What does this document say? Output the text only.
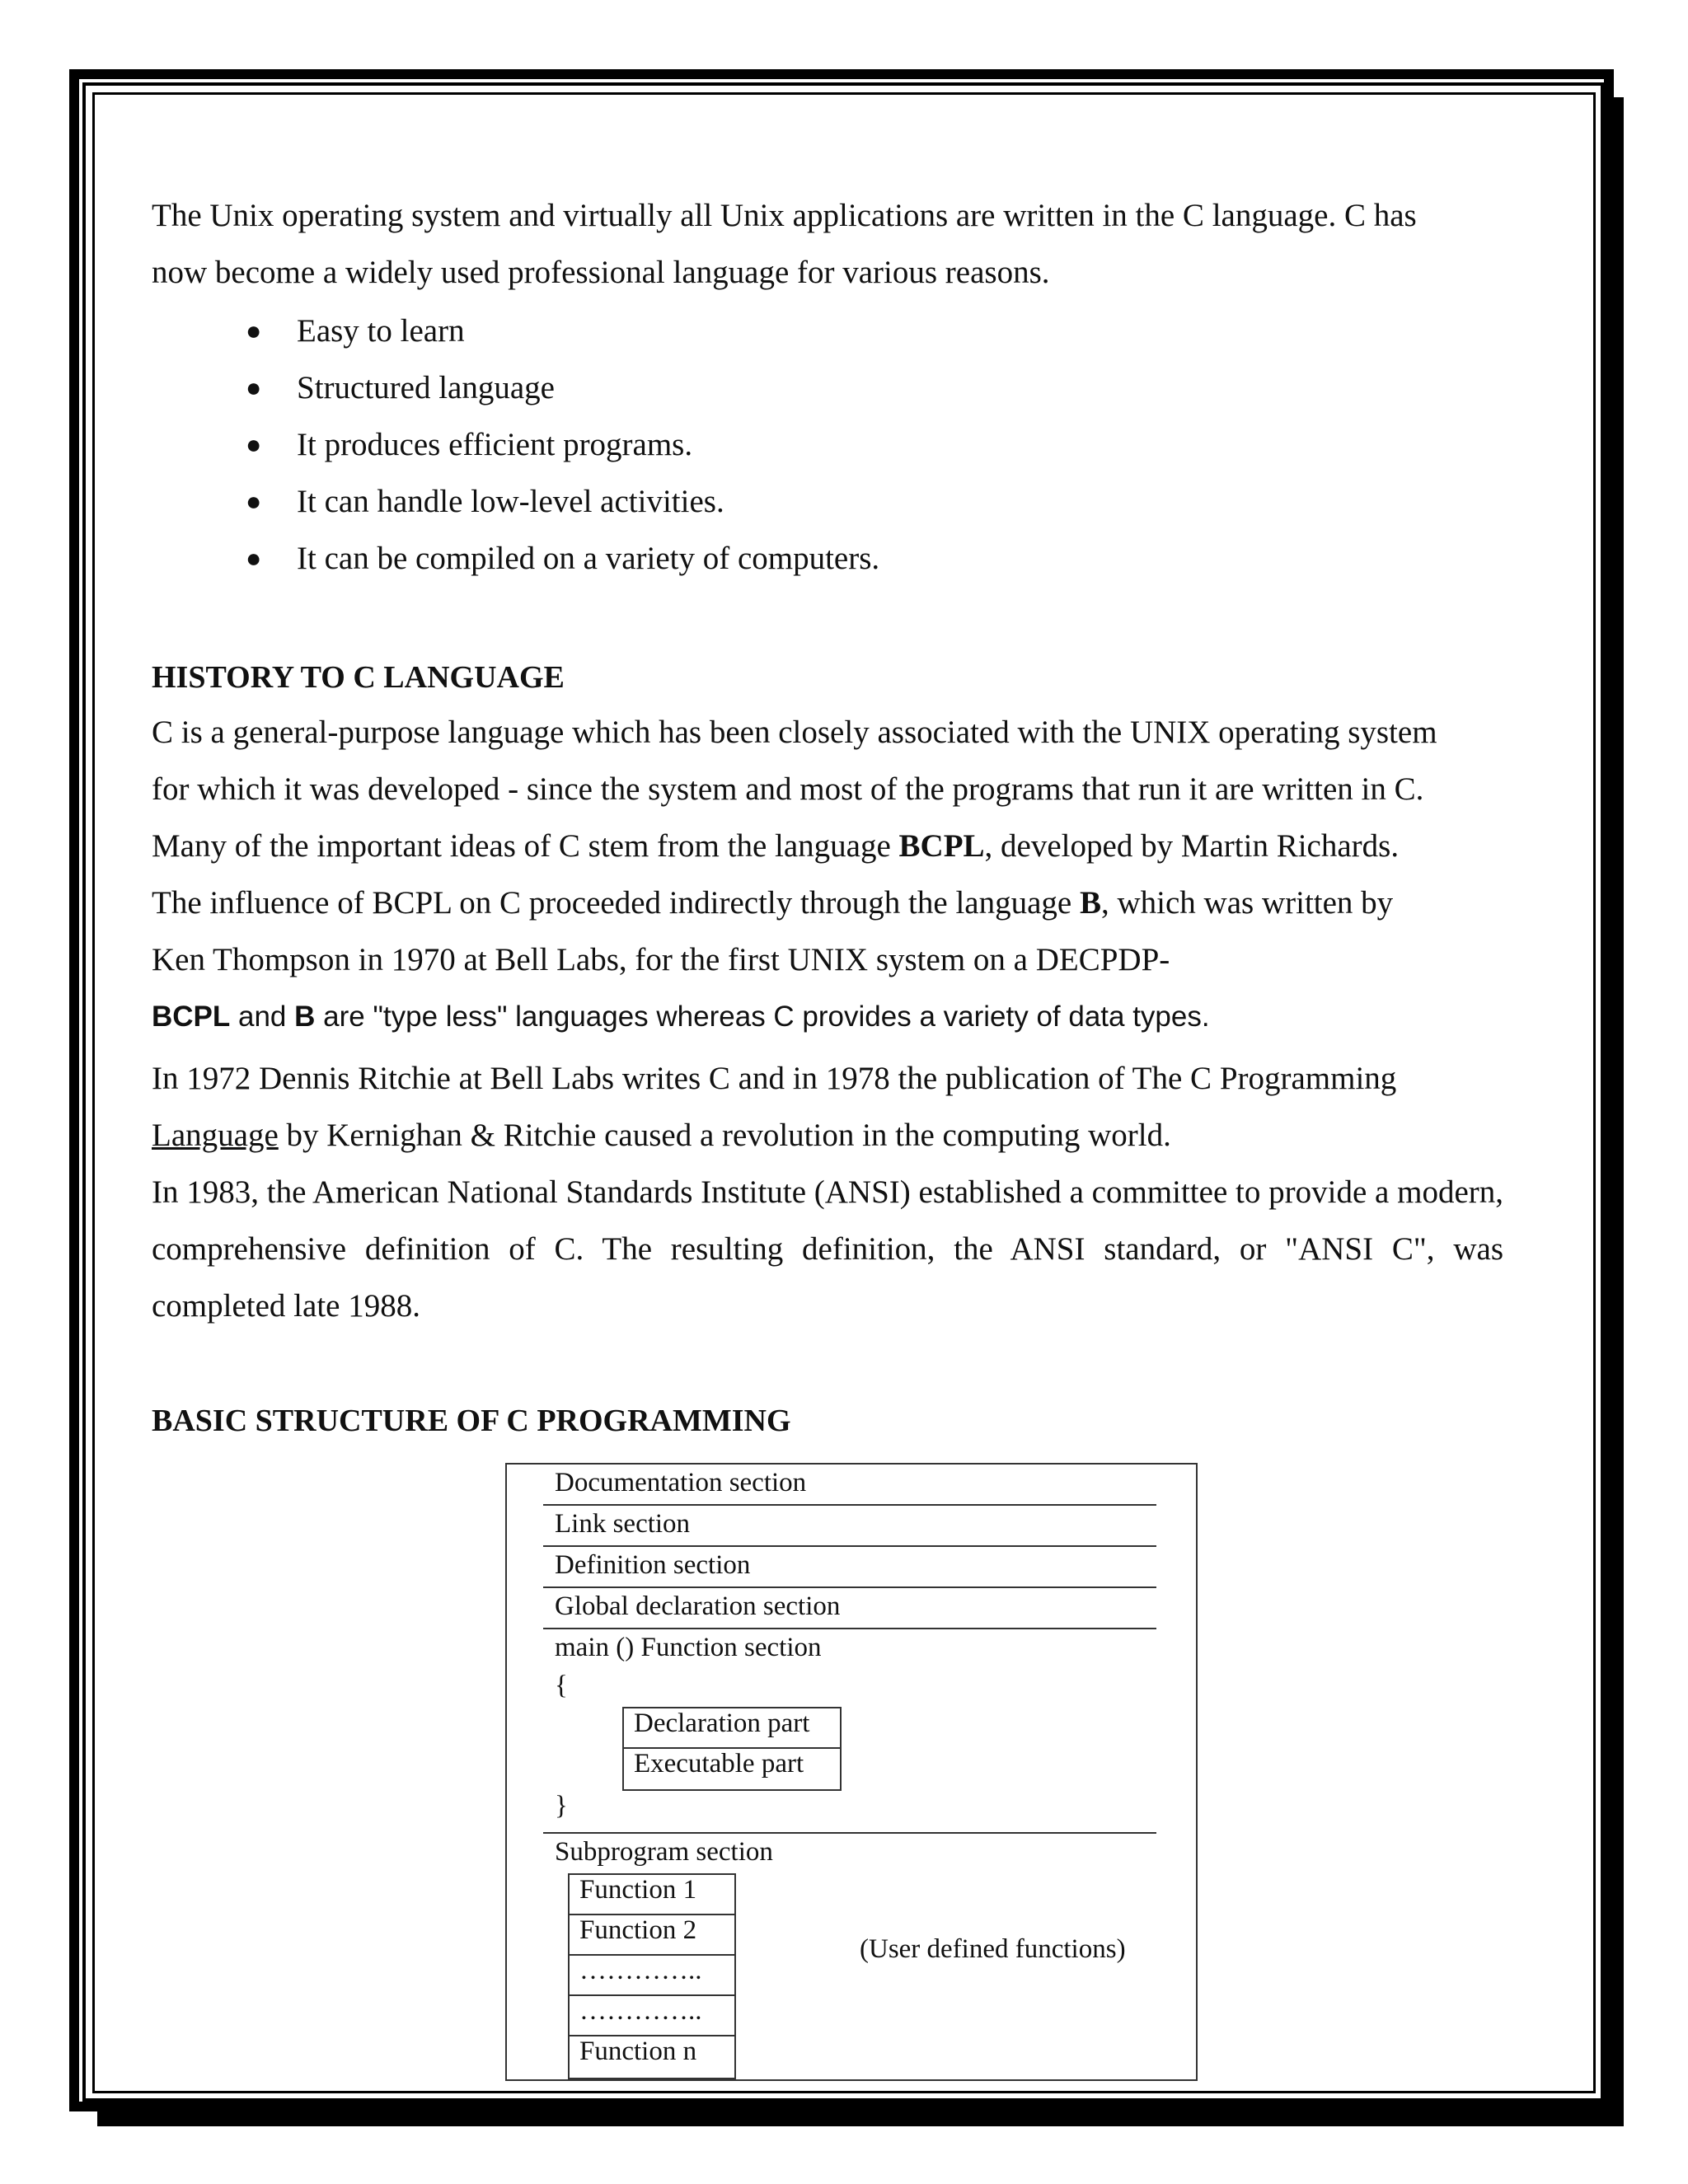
The Unix operating system and virtually all Unix applications are written in the C language. C has

now become a widely used professional language for various reasons.

● Easy to learn
● Structured language
● It produces efficient programs.
● It can handle low-level activities.
● It can be compiled on a variety of computers.
HISTORY TO C LANGUAGE

C is a general-purpose language which has been closely associated with the UNIX operating system

for which it was developed - since the system and most of the programs that run it are written in C.

Many of the important ideas of C stem from the language BCPL, developed by Martin Richards.

The influence of BCPL on C proceeded indirectly through the language B, which was written by

Ken Thompson in 1970 at Bell Labs, for the first UNIX system on a DECPDP-

BCPL and B are "type less" languages whereas C provides a variety of data types.

In 1972 Dennis Ritchie at Bell Labs writes C and in 1978 the publication of The C Programming

Language by Kernighan & Ritchie caused a revolution in the computing world.

In 1983, the American National Standards Institute (ANSI) established a committee to provide a modern, comprehensive definition of C. The resulting definition, the ANSI standard, or "ANSI C", was completed late 1988.

BASIC STRUCTURE OF C PROGRAMMING
Documentation section
Link section
Definition section
Global declaration section
main () Function section
{
Declaration part
Executable part
}
Subprogram section
Function 1
Function 2
…………..
…………..
Function n
(User defined functions)
